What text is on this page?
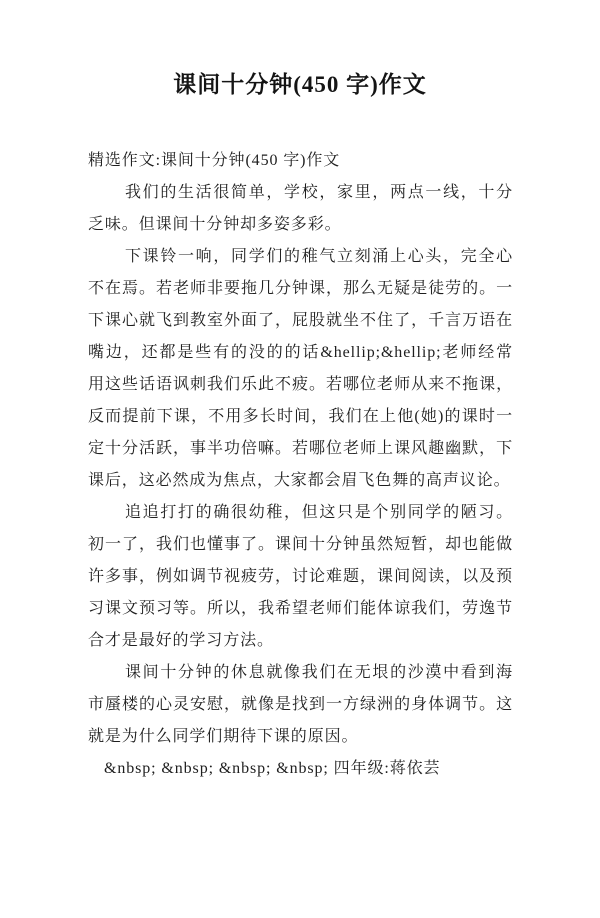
课间十分钟(450 字)作文

精选作文:课间十分钟(450 字)作文

我们的生活很简单，学校，家里，两点一线，十分乏味。但课间十分钟却多姿多彩。

下课铃一响，同学们的稚气立刻涌上心头，完全心不在焉。若老师非要拖几分钟课，那么无疑是徒劳的。一下课心就飞到教室外面了，屁股就坐不住了，千言万语在嘴边，还都是些有的没的的话&hellip;&hellip;老师经常用这些话语讽刺我们乐此不疲。若哪位老师从来不拖课，反而提前下课，不用多长时间，我们在上他(她)的课时一定十分活跃，事半功倍嘛。若哪位老师上课风趣幽默，下课后，这必然成为焦点，大家都会眉飞色舞的高声议论。

追追打打的确很幼稚，但这只是个别同学的陋习。初一了，我们也懂事了。课间十分钟虽然短暂，却也能做许多事，例如调节视疲劳，讨论难题，课间阅读，以及预习课文预习等。所以，我希望老师们能体谅我们，劳逸节合才是最好的学习方法。

课间十分钟的休息就像我们在无垠的沙漠中看到海市蜃楼的心灵安慰，就像是找到一方绿洲的身体调节。这就是为什么同学们期待下课的原因。

&nbsp; &nbsp; &nbsp; &nbsp; 四年级:蒋依芸
